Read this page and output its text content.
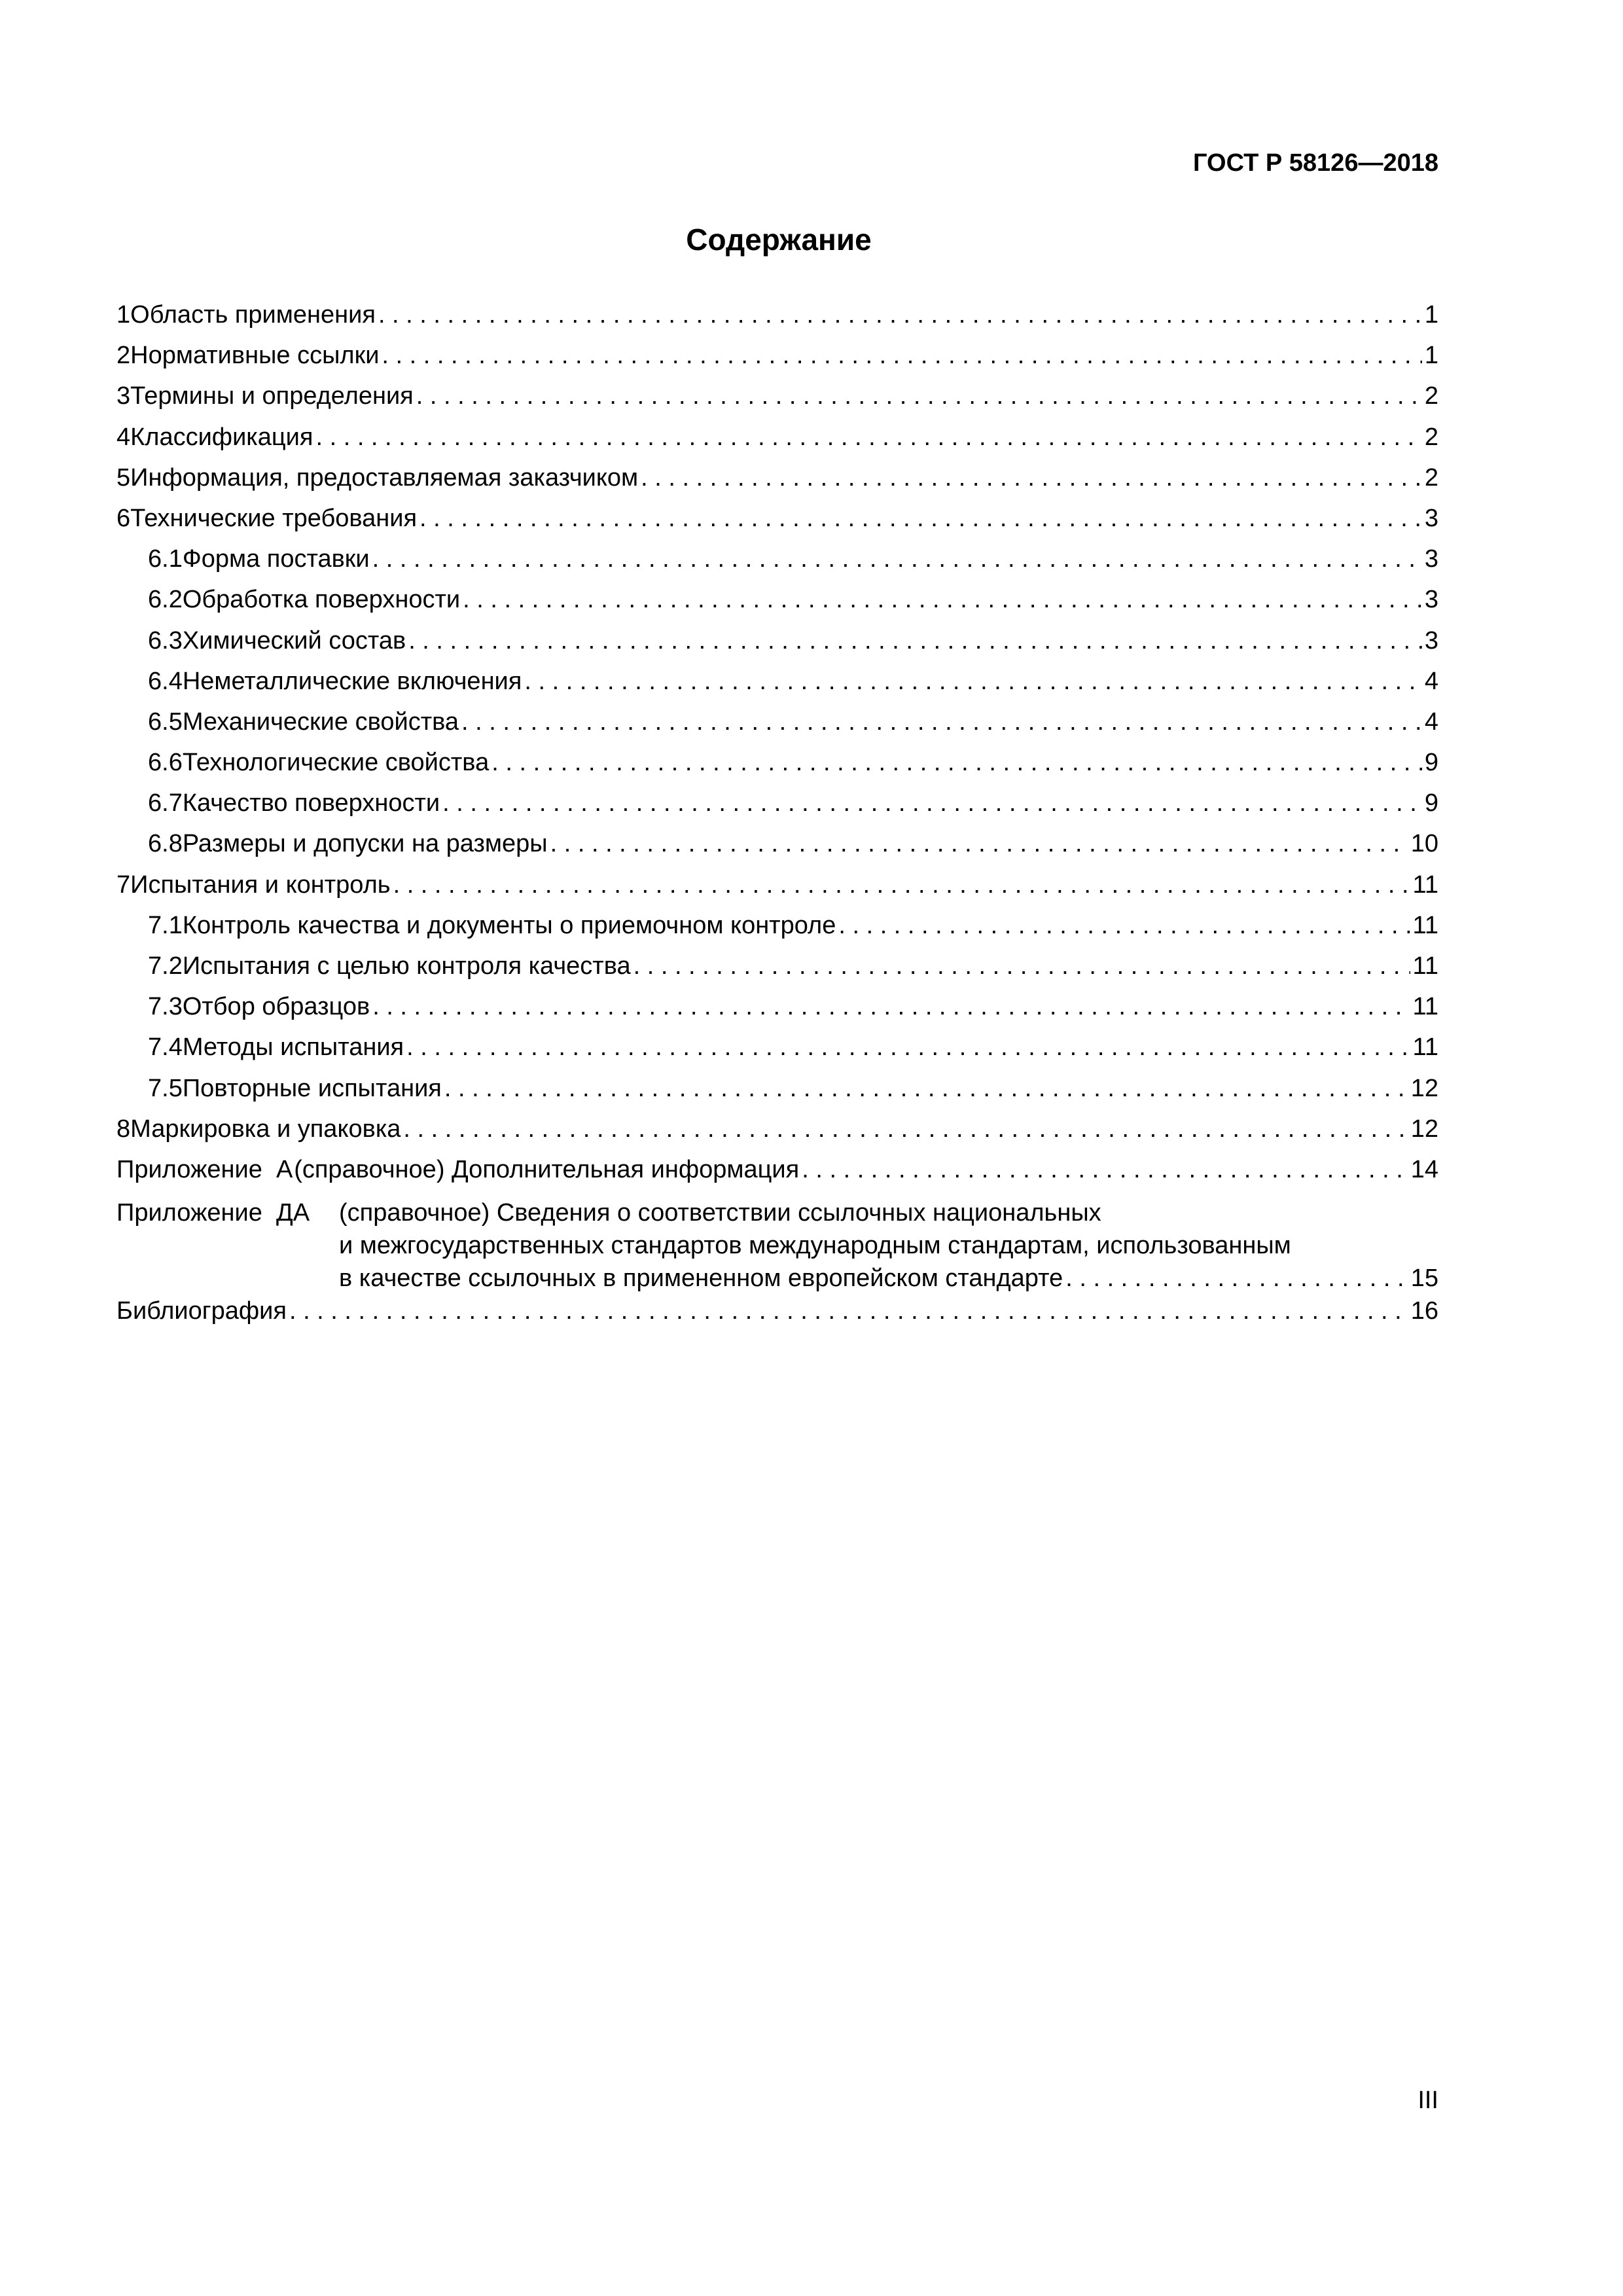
ГОСТ Р 58126—2018
Содержание
1 Область применения . . .	1
2 Нормативные ссылки . . .	1
3 Термины и определения . . .	2
4 Классификация . . .	2
5 Информация, предоставляемая заказчиком . . .	2
6 Технические требования . . .	3
6.1 Форма поставки . . .	3
6.2 Обработка поверхности . . .	3
6.3 Химический состав . . .	3
6.4 Неметаллические включения . . .	4
6.5 Механические свойства . . .	4
6.6 Технологические свойства . . .	9
6.7 Качество поверхности . . .	9
6.8 Размеры и допуски на размеры . . .	10
7 Испытания и контроль . . .	11
7.1 Контроль качества и документы о приемочном контроле . . .	11
7.2 Испытания с целью контроля качества . . .	11
7.3 Отбор образцов . . .	11
7.4 Методы испытания . . .	11
7.5 Повторные испытания . . .	12
8 Маркировка и упаковка . . .	12
Приложение  А (справочное) Дополнительная информация . . .	14
Приложение  ДА (справочное) Сведения о соответствии ссылочных национальных
и межгосударственных стандартов международным стандартам, использованным
в качестве ссылочных в примененном европейском стандарте . . .	15
Библиография . . .	16
III
